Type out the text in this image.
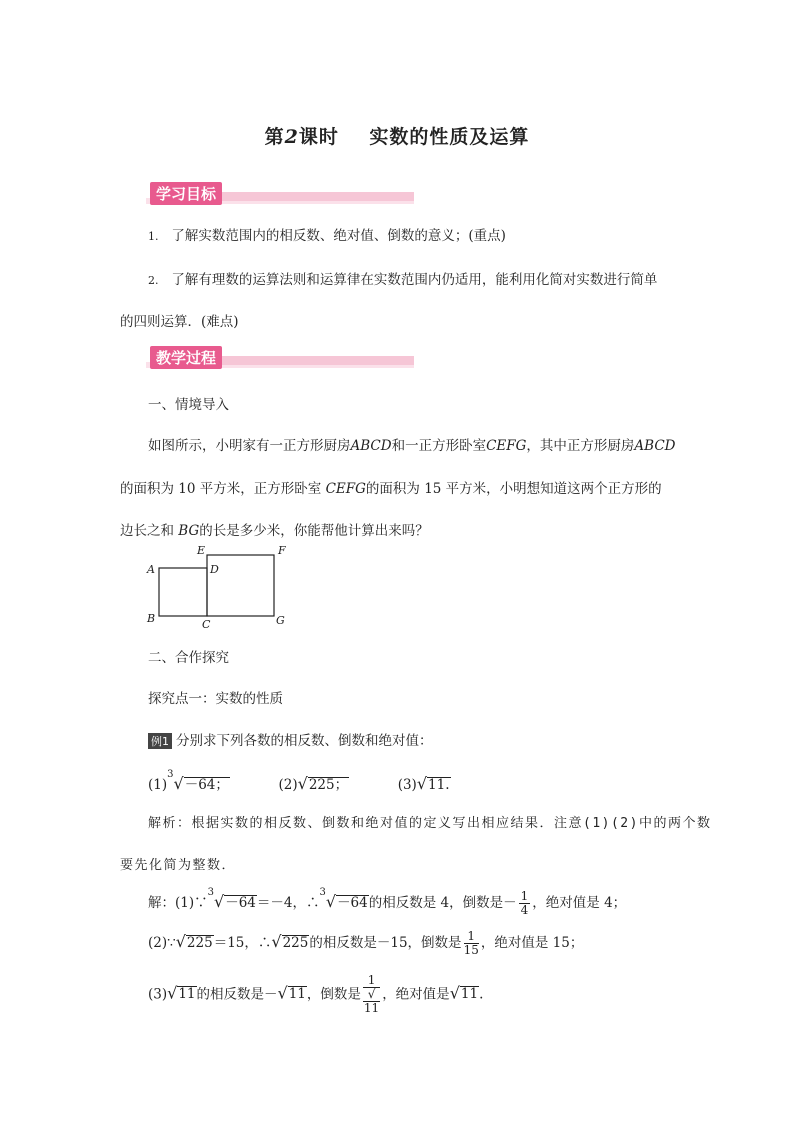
第2课时 实数的性质及运算
学习目标
1. 了解实数范围内的相反数、绝对值、倒数的意义；(重点)
2. 了解有理数的运算法则和运算律在实数范围内仍适用，能利用化简对实数进行简单
的四则运算．(难点)
教学过程
一、情境导入
如图所示，小明家有一正方形厨房ABCD和一正方形卧室CEFG，其中正方形厨房ABCD
的面积为 10 平方米，正方形卧室 CEFG的面积为 15 平方米，小明想知道这两个正方形的
边长之和 BG的长是多少米，你能帮他计算出来吗？
A
B	C
D
E	F
G
二、合作探究
探究点一：实数的性质
例1 分别求下列各数的相反数、倒数和绝对值：
$(1)^3√-64$；	(2)√225；	(3)√11.
解析：根据实数的相反数、倒数和绝对值的定义写出相应结果．注意(1)(2)中的两个数
要先化简为整数．
解：(1)∵$^3$√－64＝－4，∴$^3$√－64的相反数是 4，倒数是－ $\frac{1}{4}$ ，绝对值是 4；
(2)∵√225＝15，∴√225的相反数是－15，倒数是 $\frac{1}{15}$ ，绝对值是 15；
(3)√11的相反数是－√11，倒数是 1
√
11 ，绝对值是√11.
